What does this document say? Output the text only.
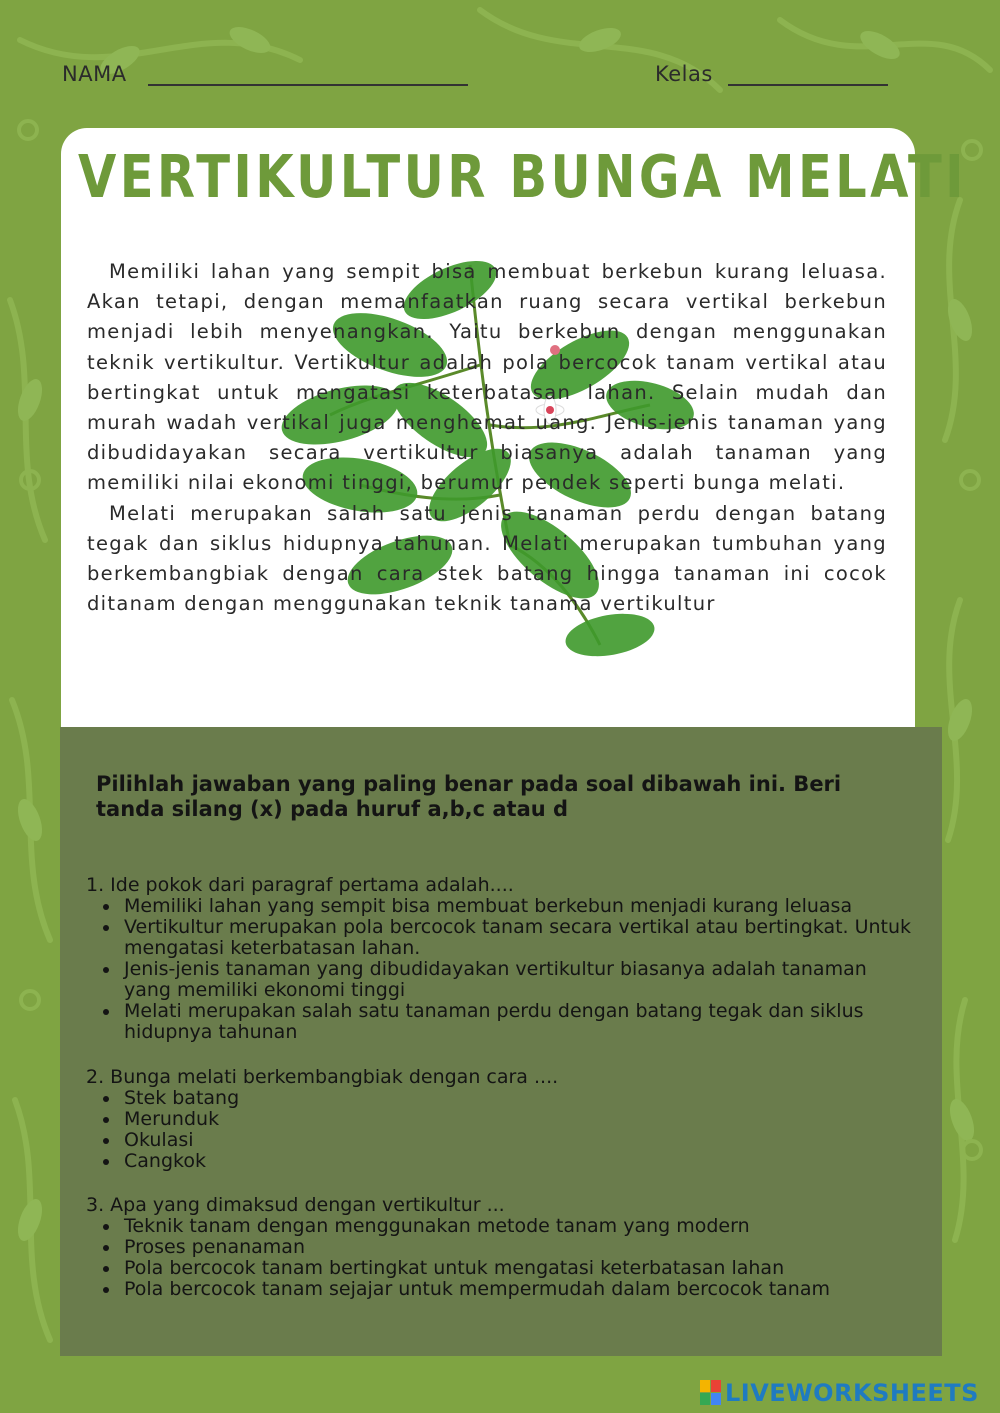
NAMA	Kelas
VERTIKULTUR BUNGA MELATI

Memiliki lahan yang sempit bisa membuat berkebun kurang leluasa. Akan tetapi, dengan memanfaatkan ruang secara vertikal berkebun menjadi lebih menyenangkan. Yaitu berkebun dengan menggunakan teknik vertikultur. Vertikultur adalah pola bercocok tanam vertikal atau bertingkat untuk mengatasi keterbatasan lahan. Selain mudah dan murah wadah vertikal juga menghemat uang. Jenis-jenis tanaman yang dibudidayakan secara vertikultur biasanya adalah tanaman yang memiliki nilai ekonomi tinggi, berumur pendek seperti bunga melati.

Melati merupakan salah satu jenis tanaman perdu dengan batang tegak dan siklus hidupnya tahunan. Melati merupakan tumbuhan yang berkembangbiak dengan cara stek batang hingga tanaman ini cocok ditanam dengan menggunakan teknik tanama vertikultur

Pilihlah jawaban yang paling benar pada soal dibawah ini. Beri tanda silang (x) pada huruf a,b,c atau d
1. Ide pokok dari paragraf pertama adalah....
Memiliki lahan yang sempit bisa membuat berkebun menjadi kurang leluasa
Vertikultur merupakan pola bercocok tanam secara vertikal atau bertingkat. Untuk mengatasi keterbatasan lahan.
Jenis-jenis tanaman yang dibudidayakan vertikultur biasanya adalah tanaman yang memiliki ekonomi tinggi
Melati merupakan salah satu tanaman perdu dengan batang tegak dan siklus hidupnya tahunan
2. Bunga melati berkembangbiak dengan cara ....
Stek batang
Merunduk
Okulasi
Cangkok
3. Apa yang dimaksud dengan vertikultur ...
Teknik tanam dengan menggunakan metode tanam yang modern
Proses penanaman
Pola bercocok tanam bertingkat untuk mengatasi keterbatasan lahan
Pola bercocok tanam sejajar untuk mempermudah dalam bercocok tanam
LIVEWORKSHEETS
